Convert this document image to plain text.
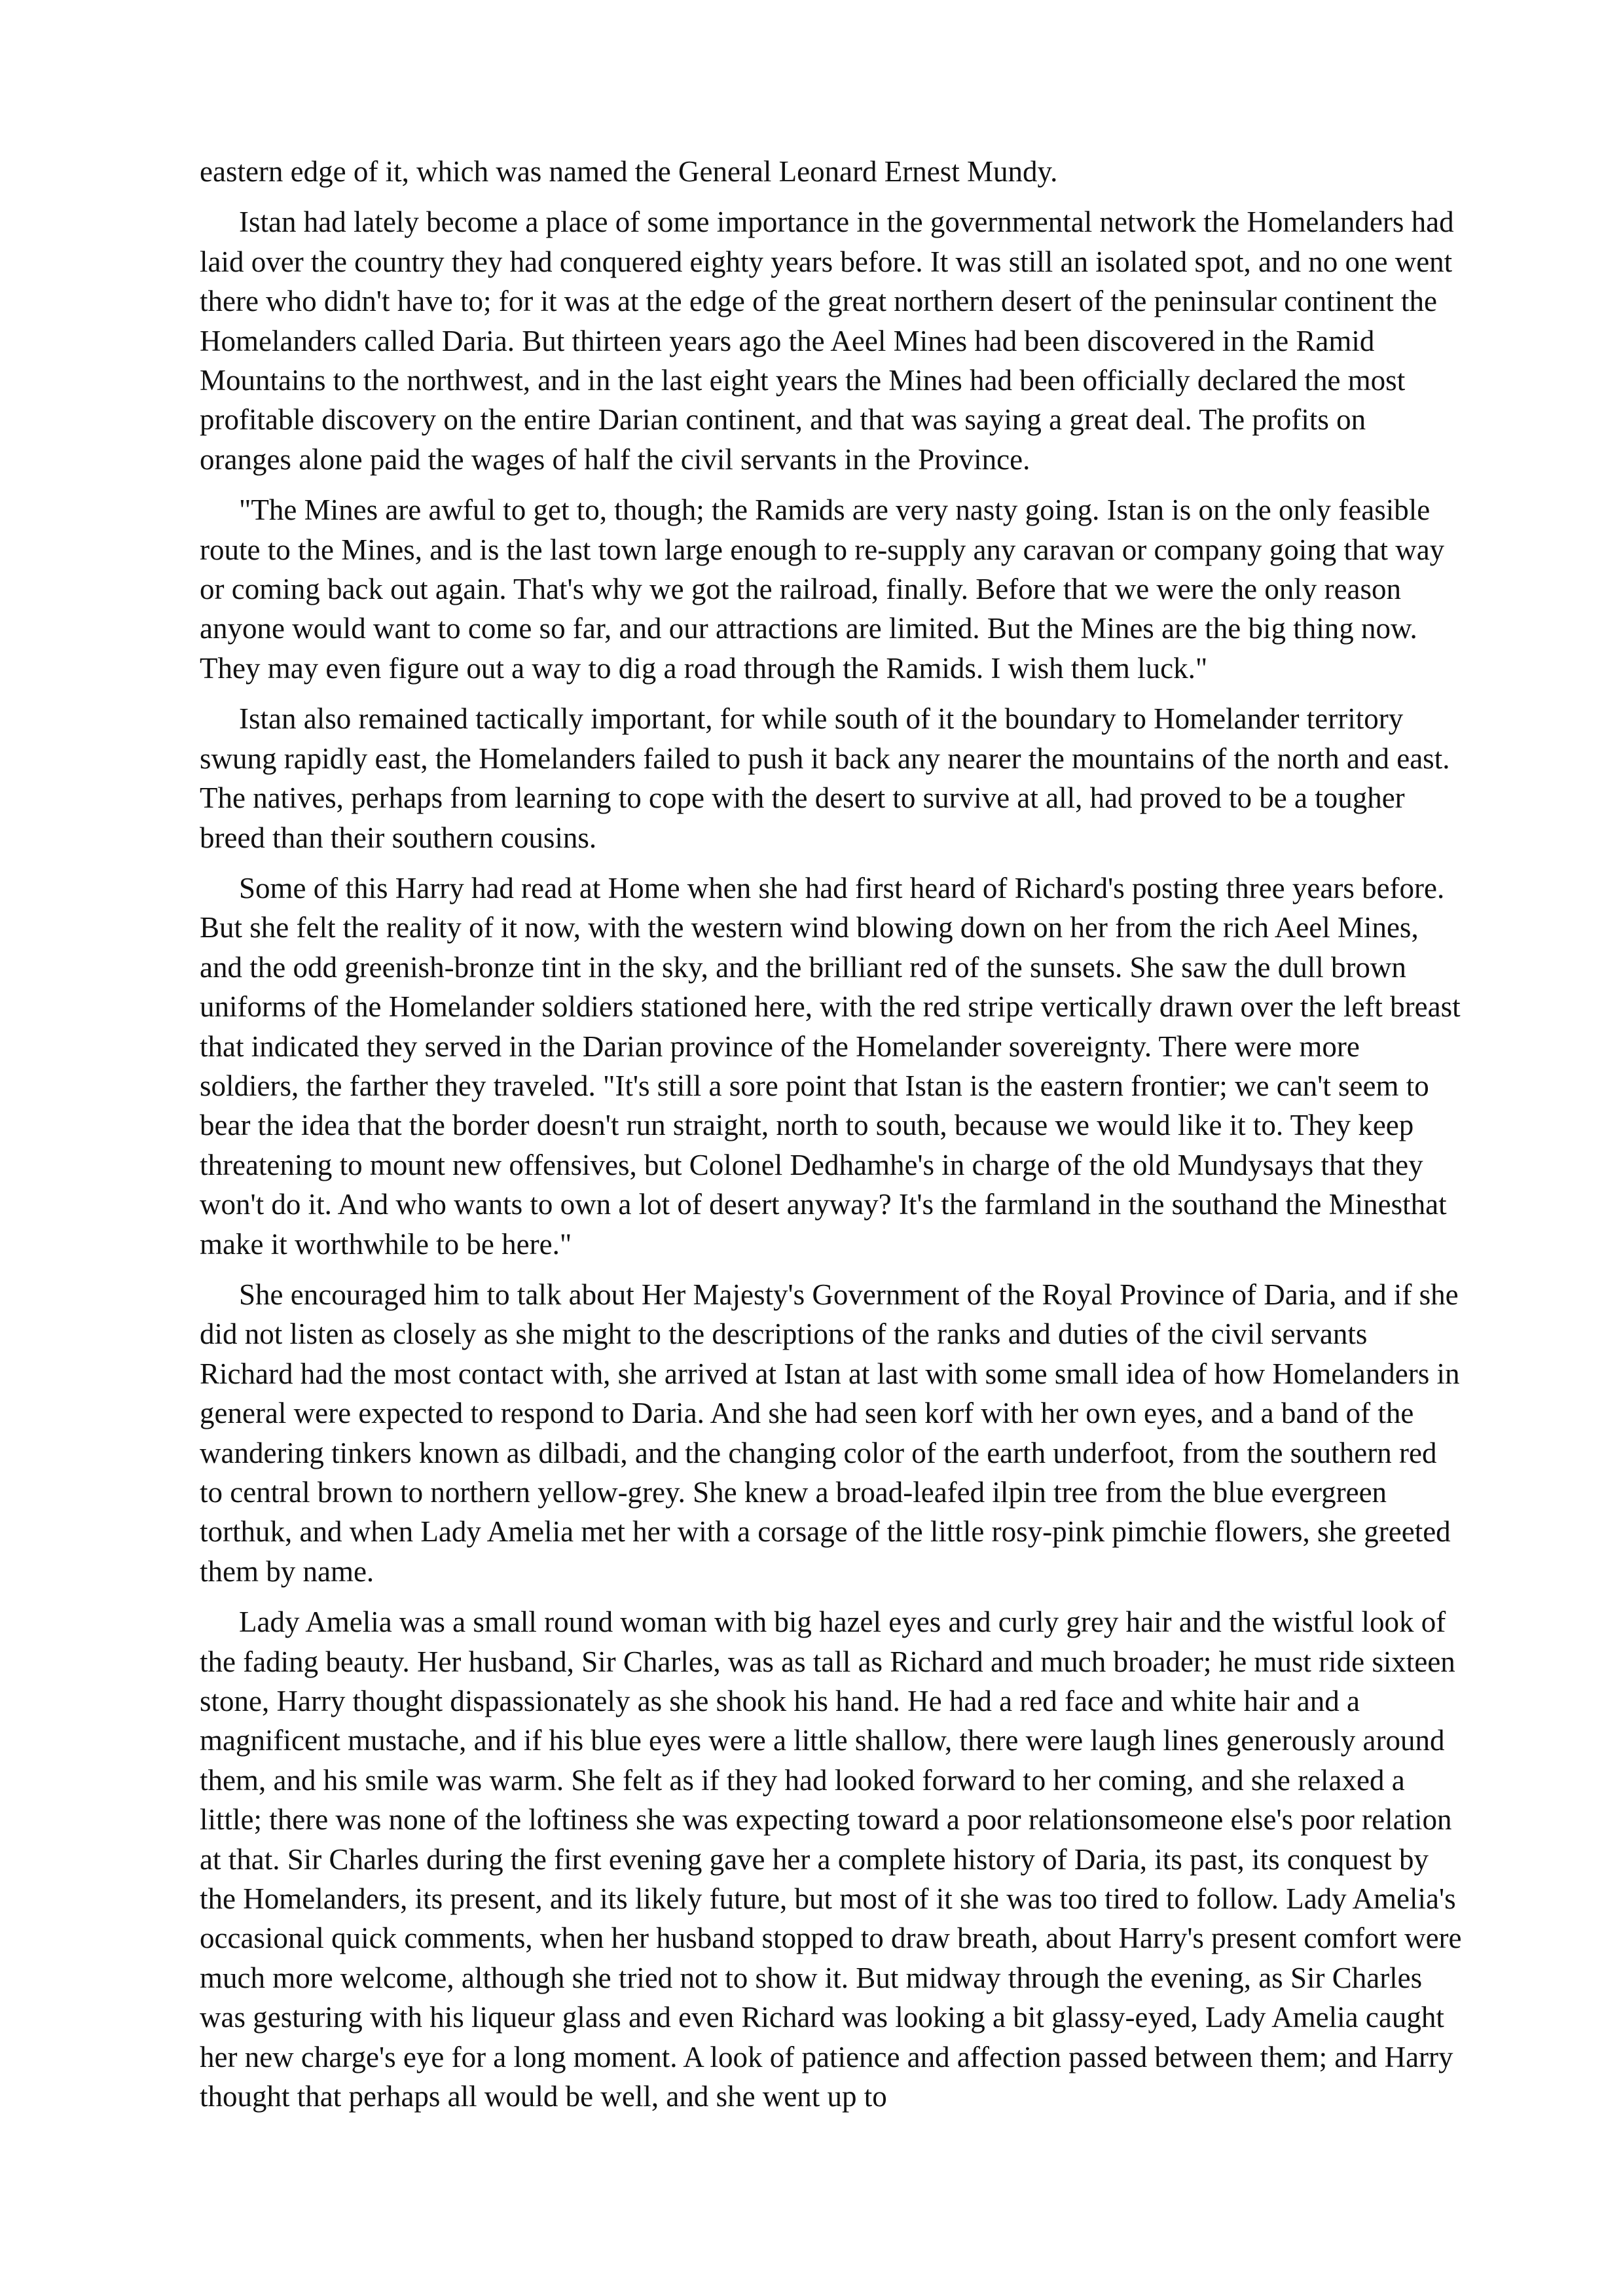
eastern edge of it, which was named the General Leonard Ernest Mundy.

Istan had lately become a place of some importance in the governmental network the Homelanders had laid over the country they had conquered eighty years before. It was still an isolated spot, and no one went there who didn't have to; for it was at the edge of the great northern desert of the peninsular continent the Homelanders called Daria. But thirteen years ago the Aeel Mines had been discovered in the Ramid Mountains to the northwest, and in the last eight years the Mines had been officially declared the most profitable discovery on the entire Darian continent, and that was saying a great deal. The profits on oranges alone paid the wages of half the civil servants in the Province.

"The Mines are awful to get to, though; the Ramids are very nasty going. Istan is on the only feasible route to the Mines, and is the last town large enough to re-supply any caravan or company going that way or coming back out again. That's why we got the railroad, finally. Before that we were the only reason anyone would want to come so far, and our attractions are limited. But the Mines are the big thing now. They may even figure out a way to dig a road through the Ramids. I wish them luck."

Istan also remained tactically important, for while south of it the boundary to Homelander territory swung rapidly east, the Homelanders failed to push it back any nearer the mountains of the north and east. The natives, perhaps from learning to cope with the desert to survive at all, had proved to be a tougher breed than their southern cousins.

Some of this Harry had read at Home when she had first heard of Richard's posting three years before. But she felt the reality of it now, with the western wind blowing down on her from the rich Aeel Mines, and the odd greenish-bronze tint in the sky, and the brilliant red of the sunsets. She saw the dull brown uniforms of the Homelander soldiers stationed here, with the red stripe vertically drawn over the left breast that indicated they served in the Darian province of the Homelander sovereignty. There were more soldiers, the farther they traveled. "It's still a sore point that Istan is the eastern frontier; we can't seem to bear the idea that the border doesn't run straight, north to south, because we would like it to. They keep threatening to mount new offensives, but Colonel Dedhamhe's in charge of the old Mundysays that they won't do it. And who wants to own a lot of desert anyway? It's the farmland in the southand the Minesthat make it worthwhile to be here."

She encouraged him to talk about Her Majesty's Government of the Royal Province of Daria, and if she did not listen as closely as she might to the descriptions of the ranks and duties of the civil servants Richard had the most contact with, she arrived at Istan at last with some small idea of how Homelanders in general were expected to respond to Daria. And she had seen korf with her own eyes, and a band of the wandering tinkers known as dilbadi, and the changing color of the earth underfoot, from the southern red to central brown to northern yellow-grey. She knew a broad-leafed ilpin tree from the blue evergreen torthuk, and when Lady Amelia met her with a corsage of the little rosy-pink pimchie flowers, she greeted them by name.

Lady Amelia was a small round woman with big hazel eyes and curly grey hair and the wistful look of the fading beauty. Her husband, Sir Charles, was as tall as Richard and much broader; he must ride sixteen stone, Harry thought dispassionately as she shook his hand. He had a red face and white hair and a magnificent mustache, and if his blue eyes were a little shallow, there were laugh lines generously around them, and his smile was warm. She felt as if they had looked forward to her coming, and she relaxed a little; there was none of the loftiness she was expecting toward a poor relationsomeone else's poor relation at that. Sir Charles during the first evening gave her a complete history of Daria, its past, its conquest by the Homelanders, its present, and its likely future, but most of it she was too tired to follow. Lady Amelia's occasional quick comments, when her husband stopped to draw breath, about Harry's present comfort were much more welcome, although she tried not to show it. But midway through the evening, as Sir Charles was gesturing with his liqueur glass and even Richard was looking a bit glassy-eyed, Lady Amelia caught her new charge's eye for a long moment. A look of patience and affection passed between them; and Harry thought that perhaps all would be well, and she went up to
